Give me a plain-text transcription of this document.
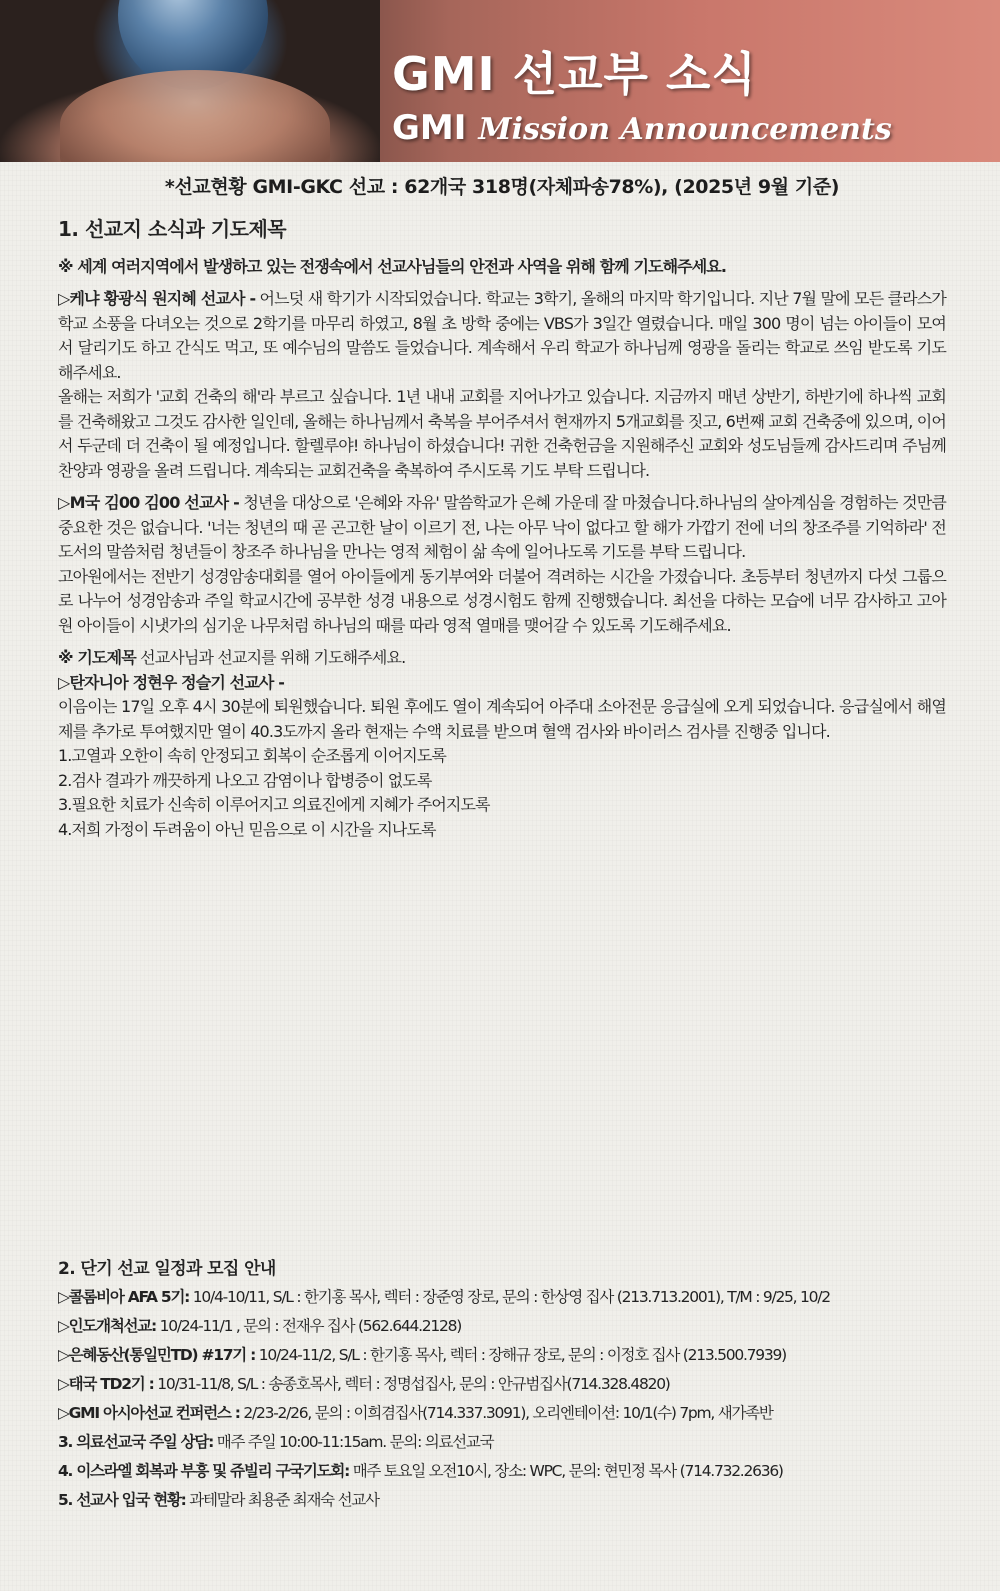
GMI 선교부 소식
GMI Mission Announcements
*선교현황 GMI-GKC 선교 : 62개국 318명(자체파송78%), (2025년 9월 기준)
1. 선교지 소식과 기도제목
※ 세계 여러지역에서 발생하고 있는 전쟁속에서 선교사님들의 안전과 사역을 위해 함께 기도해주세요.

▷케냐 황광식 원지혜 선교사 - 어느덧 새 학기가 시작되었습니다. 학교는 3학기, 올해의 마지막 학기입니다. 지난 7월 말에 모든 클라스가 학교 소풍을 다녀오는 것으로 2학기를 마무리 하였고, 8월 초 방학 중에는 VBS가 3일간 열렸습니다. 매일 300 명이 넘는 아이들이 모여서 달리기도 하고 간식도 먹고, 또 예수님의 말씀도 들었습니다. 계속해서 우리 학교가 하나님께 영광을 돌리는 학교로 쓰임 받도록 기도해주세요.

올해는 저희가 '교회 건축의 해'라 부르고 싶습니다. 1년 내내 교회를 지어나가고 있습니다. 지금까지 매년 상반기, 하반기에 하나씩 교회를 건축해왔고 그것도 감사한 일인데, 올해는 하나님께서 축복을 부어주셔서 현재까지 5개교회를 짓고, 6번째 교회 건축중에 있으며, 이어서 두군데 더 건축이 될 예정입니다. 할렐루야! 하나님이 하셨습니다! 귀한 건축헌금을 지원해주신 교회와 성도님들께 감사드리며 주님께 찬양과 영광을 올려 드립니다. 계속되는 교회건축을 축복하여 주시도록 기도 부탁 드립니다.

▷M국 김00 김00 선교사 - 청년을 대상으로 '은혜와 자유' 말씀학교가 은혜 가운데 잘 마쳤습니다.하나님의 살아계심을 경험하는 것만큼 중요한 것은 없습니다. '너는 청년의 때 곧 곤고한 날이 이르기 전, 나는 아무 낙이 없다고 할 해가 가깝기 전에 너의 창조주를 기억하라' 전도서의 말씀처럼 청년들이 창조주 하나님을 만나는 영적 체험이 삶 속에 일어나도록 기도를 부탁 드립니다.

고아원에서는 전반기 성경암송대회를 열어 아이들에게 동기부여와 더불어 격려하는 시간을 가졌습니다. 초등부터 청년까지 다섯 그룹으로 나누어 성경암송과 주일 학교시간에 공부한 성경 내용으로 성경시험도 함께 진행했습니다. 최선을 다하는 모습에 너무 감사하고 고아원 아이들이 시냇가의 심기운 나무처럼 하나님의 때를 따라 영적 열매를 맺어갈 수 있도록 기도해주세요.

※ 기도제목 선교사님과 선교지를 위해 기도해주세요.

▷탄자니아 정현우 정슬기 선교사 -

이음이는 17일 오후 4시 30분에 퇴원했습니다. 퇴원 후에도 열이 계속되어 아주대 소아전문 응급실에 오게 되었습니다. 응급실에서 해열제를 추가로 투여했지만 열이 40.3도까지 올라 현재는 수액 치료를 받으며 혈액 검사와 바이러스 검사를 진행중 입니다.

1.고열과 오한이 속히 안정되고 회복이 순조롭게 이어지도록
2.검사 결과가 깨끗하게 나오고 감염이나 합병증이 없도록
3.필요한 치료가 신속히 이루어지고 의료진에게 지혜가 주어지도록
4.저희 가정이 두려움이 아닌 믿음으로 이 시간을 지나도록
2. 단기 선교 일정과 모집 안내
▷콜롬비아 AFA 5기: 10/4-10/11, S/L : 한기홍 목사, 렉터 : 장준영 장로, 문의 : 한상영 집사 (213.713.2001), T/M : 9/25, 10/2
▷인도개척선교: 10/24-11/1 , 문의 : 전재우 집사 (562.644.2128)
▷은혜동산(통일민TD) #17기 : 10/24-11/2, S/L : 한기홍 목사, 렉터 : 장해규 장로, 문의 : 이정호 집사 (213.500.7939)
▷태국 TD2기 : 10/31-11/8, S/L : 송종호목사, 렉터 : 정명섭집사, 문의 : 안규범집사(714.328.4820)
▷GMI 아시아선교 컨퍼런스 : 2/23-2/26, 문의 : 이희겸집사(714.337.3091), 오리엔테이션: 10/1(수) 7pm, 새가족반
3. 의료선교국 주일 상담: 매주 주일 10:00-11:15am. 문의: 의료선교국
4. 이스라엘 회복과 부흥 및 쥬빌리 구국기도회: 매주 토요일 오전10시, 장소: WPC, 문의: 현민정 목사 (714.732.2636)
5. 선교사 입국 현황: 과테말라 최용준 최재숙 선교사
